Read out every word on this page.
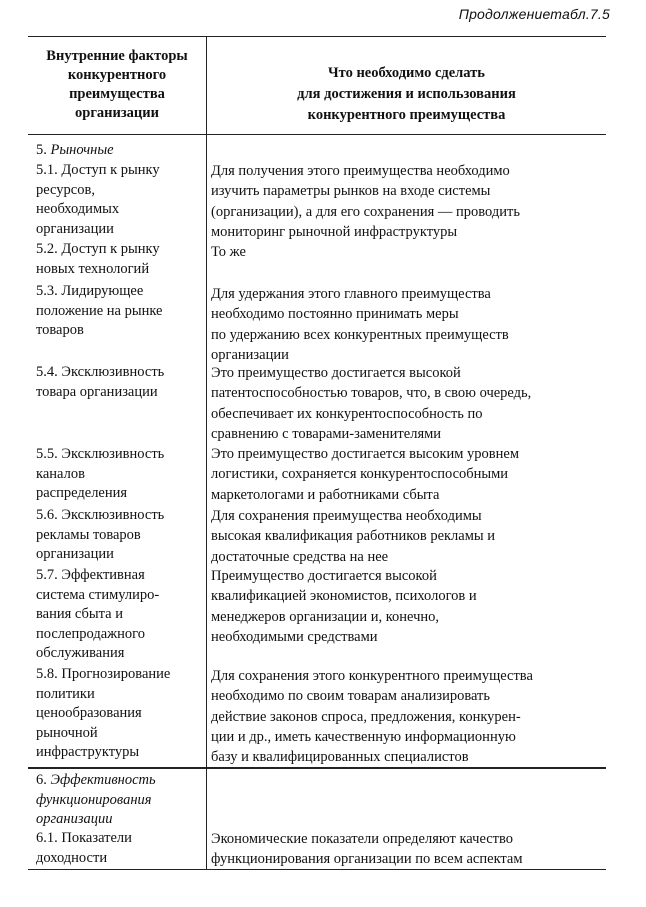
Продолжениетабл.7.5
Внутренние факторы
конкурентного
преимущества
организации
Что необходимо сделать
для достижения и использования
конкурентного преимущества
5. Рыночные
5.1. Доступ к рынку
ресурсов,
необходимых
организации
Для получения этого преимущества необходимо
изучить параметры рынков на входе системы
(организации), а для его сохранения — проводить
мониторинг рыночной инфраструктуры
5.2. Доступ к рынку
новых технологий
То же
5.3. Лидирующее
положение на рынке
товаров
Для удержания этого главного преимущества
необходимо постоянно принимать меры
по удержанию всех конкурентных преимуществ
организации
5.4. Эксклюзивность
товара организации
Это преимущество достигается высокой
патентоспособностью товаров, что, в свою очередь,
обеспечивает их конкурентоспособность по
сравнению с товарами-заменителями
5.5. Эксклюзивность
каналов
распределения
Это преимущество достигается высоким уровнем
логистики, сохраняется конкурентоспособными
маркетологами и работниками сбыта
5.6. Эксклюзивность
рекламы товаров
организации
Для сохранения преимущества необходимы
высокая квалификация работников рекламы и
достаточные средства на нее
5.7. Эффективная
система стимулиро-
вания сбыта и
послепродажного
обслуживания
Преимущество достигается высокой
квалификацией экономистов, психологов и
менеджеров организации и, конечно,
необходимыми средствами
5.8. Прогнозирование
политики
ценообразования
рыночной
инфраструктуры
Для сохранения этого конкурентного преимущества
необходимо по своим товарам анализировать
действие законов спроса, предложения, конкурен-
ции и др., иметь качественную информационную
базу и квалифицированных специалистов
6. Эффективность
функционирования
организации
6.1. Показатели
доходности
Экономические показатели определяют качество
функционирования организации по всем аспектам
